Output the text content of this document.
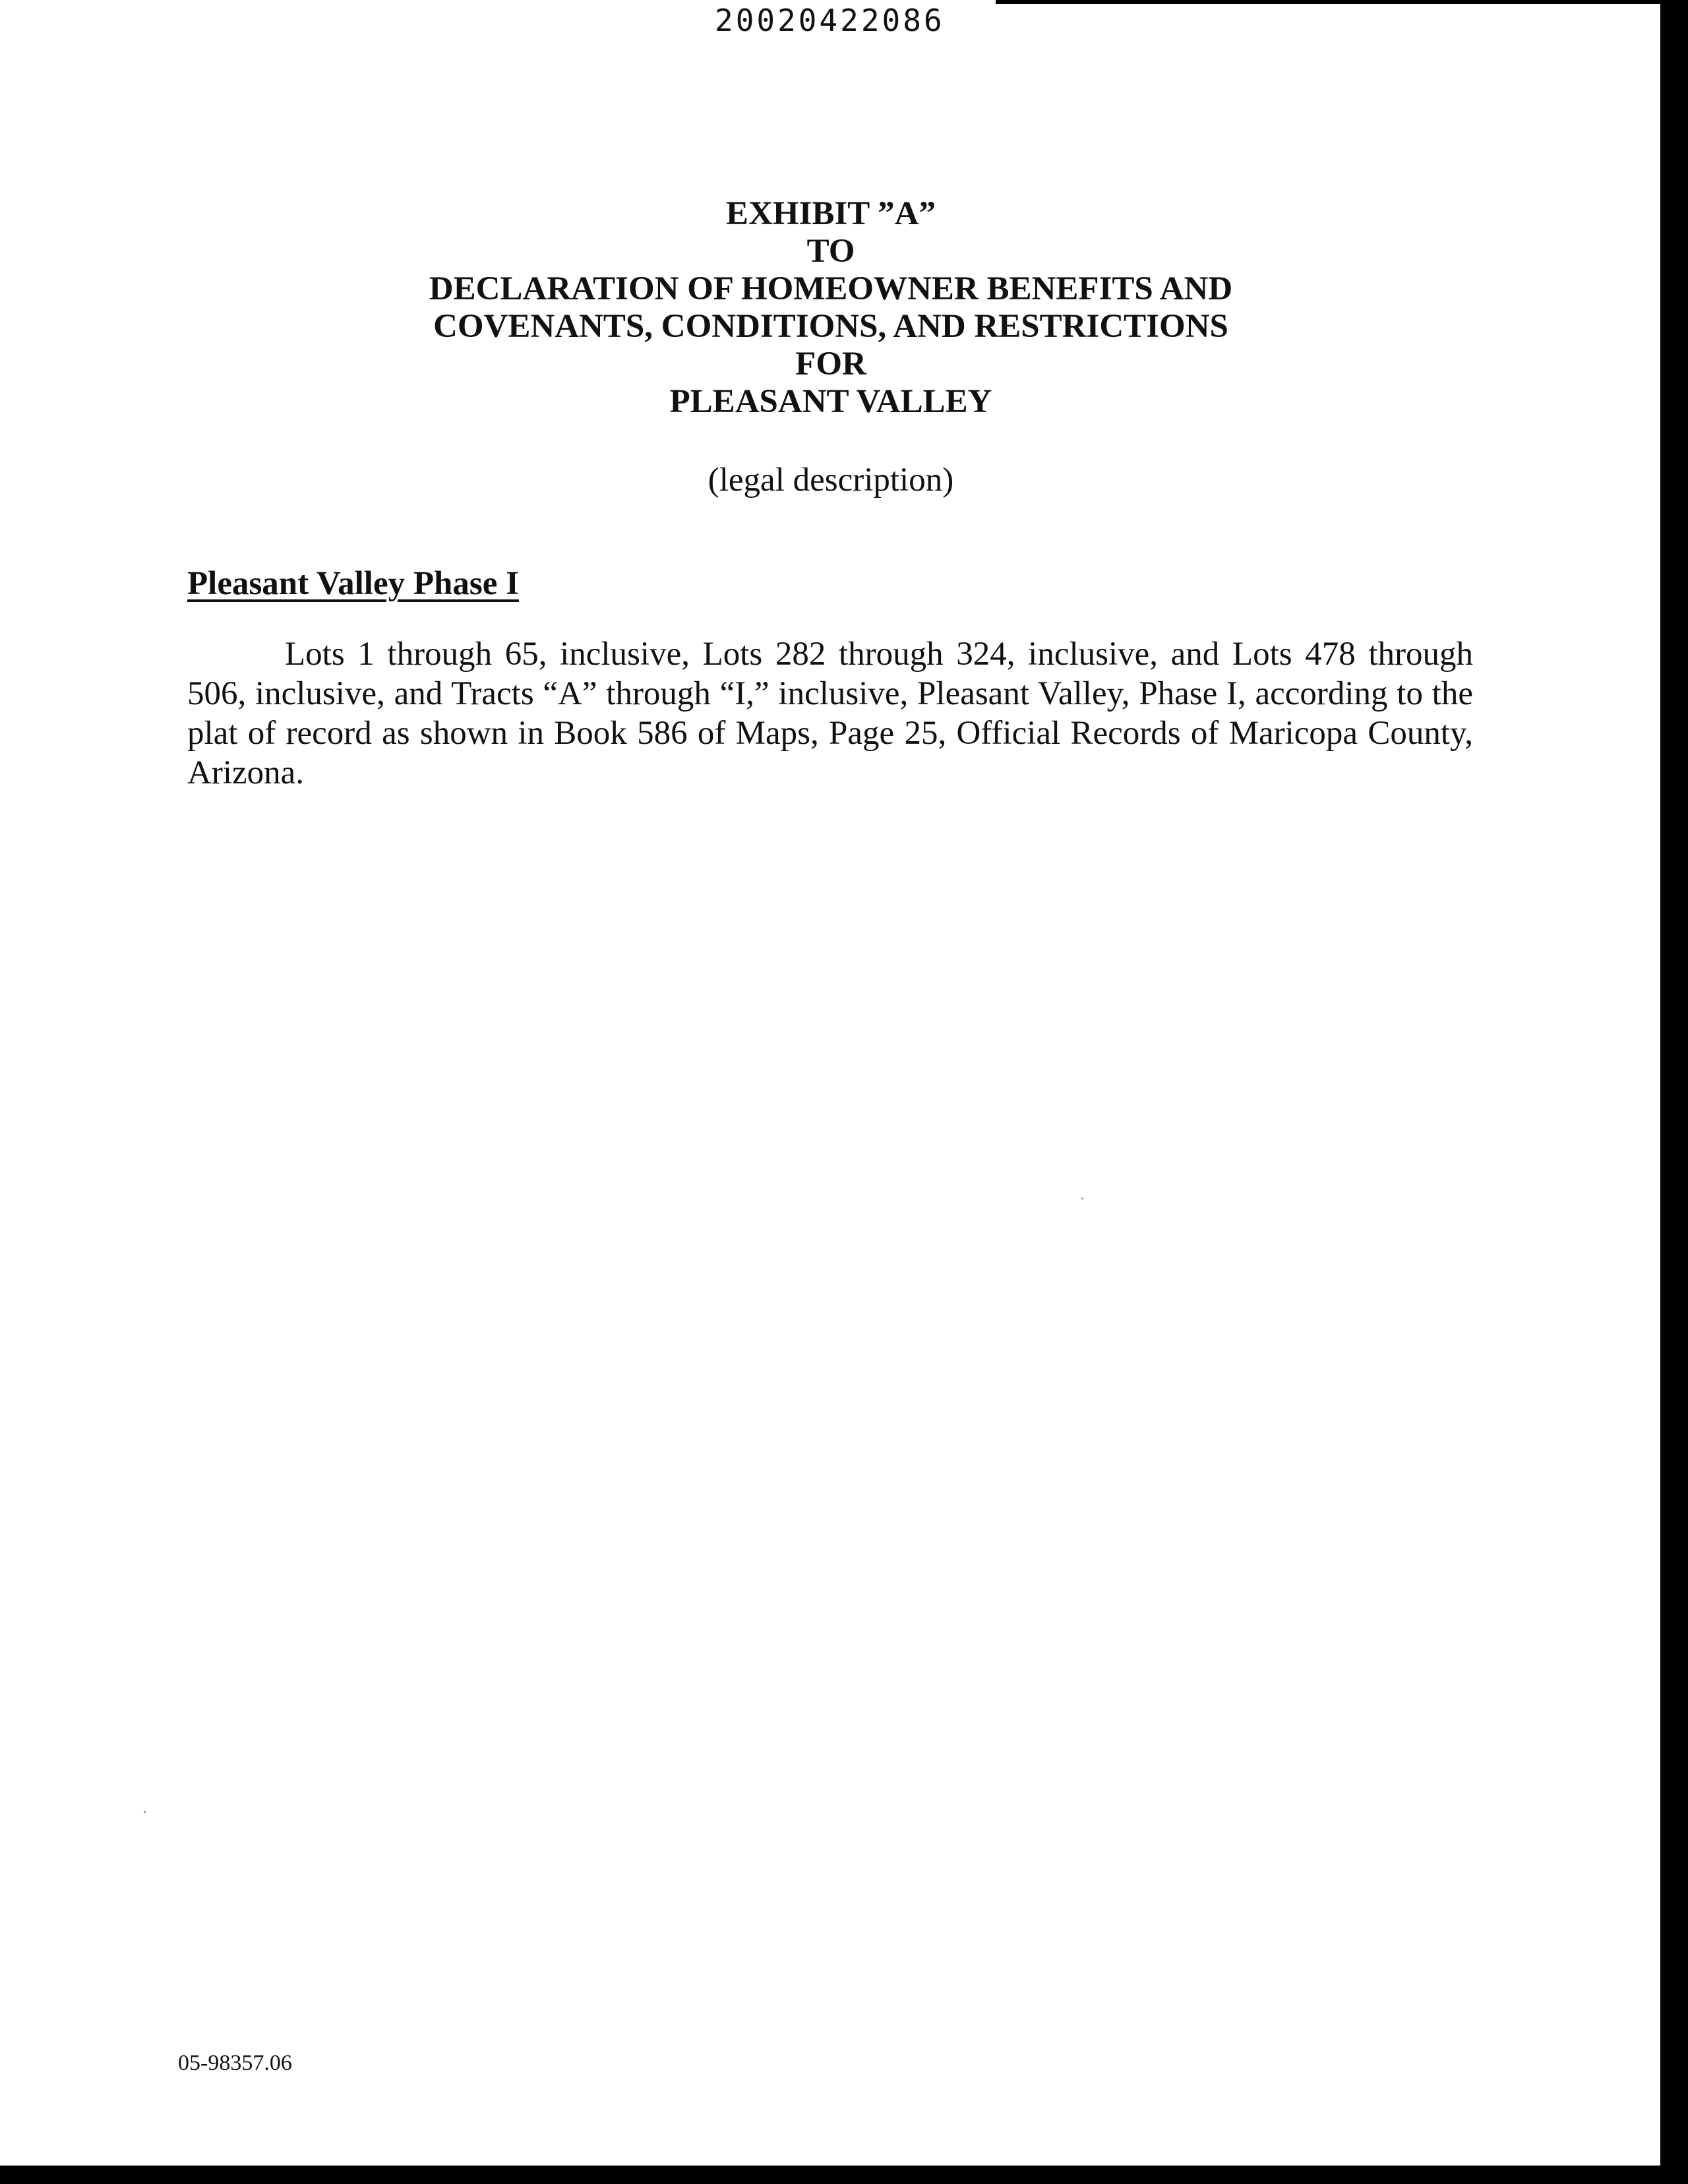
20020422086
EXHIBIT ”A”
TO
DECLARATION OF HOMEOWNER BENEFITS AND
COVENANTS, CONDITIONS, AND RESTRICTIONS
FOR
PLEASANT VALLEY
(legal description)
Pleasant Valley Phase I

Lots 1 through 65, inclusive, Lots 282 through 324, inclusive, and Lots 478 through 506, inclusive, and Tracts “A” through “I,” inclusive, Pleasant Valley, Phase I, according to the plat of record as shown in Book 586 of Maps, Page 25, Official Records of Maricopa County, Arizona.

05-98357.06
